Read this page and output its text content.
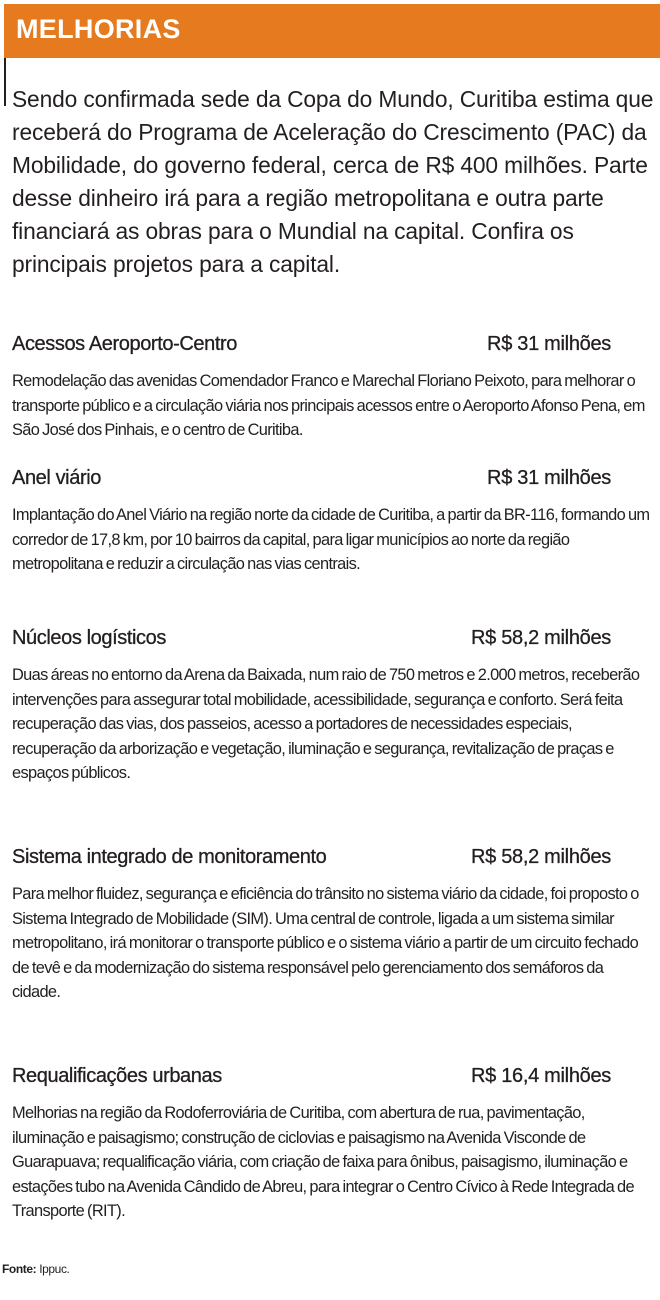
MELHORIAS

Sendo confirmada sede da Copa do Mundo, Curitiba estima que receberá do Programa de Aceleração do Crescimento (PAC) da Mobilidade, do governo federal, cerca de R$ 400 milhões. Parte desse dinheiro irá para a região metropolitana e outra parte financiará as obras para o Mundial na capital. Confira os principais projetos para a capital.

Acessos Aeroporto-Centro	R$ 31 milhões

Remodelação das avenidas Comendador Franco e Marechal Floriano Peixoto, para melhorar o transporte público e a circulação viária nos principais acessos entre o Aeroporto Afonso Pena, em São José dos Pinhais, e o centro de Curitiba.

Anel viário	R$ 31 milhões

Implantação do Anel Viário na região norte da cidade de Curitiba, a partir da BR-116, formando um corredor de 17,8 km, por 10 bairros da capital, para ligar municípios ao norte da região metropolitana e reduzir a circulação nas vias centrais.

Núcleos logísticos	R$ 58,2 milhões

Duas áreas no entorno da Arena da Baixada, num raio de 750 metros e 2.000 metros, receberão intervenções para assegurar total mobilidade, acessibilidade, segurança e conforto. Será feita recuperação das vias, dos passeios, acesso a portadores de necessidades especiais, recuperação da arborização e vegetação, iluminação e segurança, revitalização de praças e espaços públicos.

Sistema integrado de monitoramento	R$ 58,2 milhões

Para melhor fluidez, segurança e eficiência do trânsito no sistema viário da cidade, foi proposto o Sistema Integrado de Mobilidade (SIM). Uma central de controle, ligada a um sistema similar metropolitano, irá monitorar o transporte público e o sistema viário a partir de um circuito fechado de tevê e da modernização do sistema responsável pelo gerenciamento dos semáforos da cidade.

Requalificações urbanas	R$ 16,4 milhões

Melhorias na região da Rodoferroviária de Curitiba, com abertura de rua, pavimentação, iluminação e paisagismo; construção de ciclovias e paisagismo na Avenida Visconde de Guarapuava; requalificação viária, com criação de faixa para ônibus, paisagismo, iluminação e estações tubo na Avenida Cândido de Abreu, para integrar o Centro Cívico à Rede Integrada de Transporte (RIT).

Fonte: Ippuc.
